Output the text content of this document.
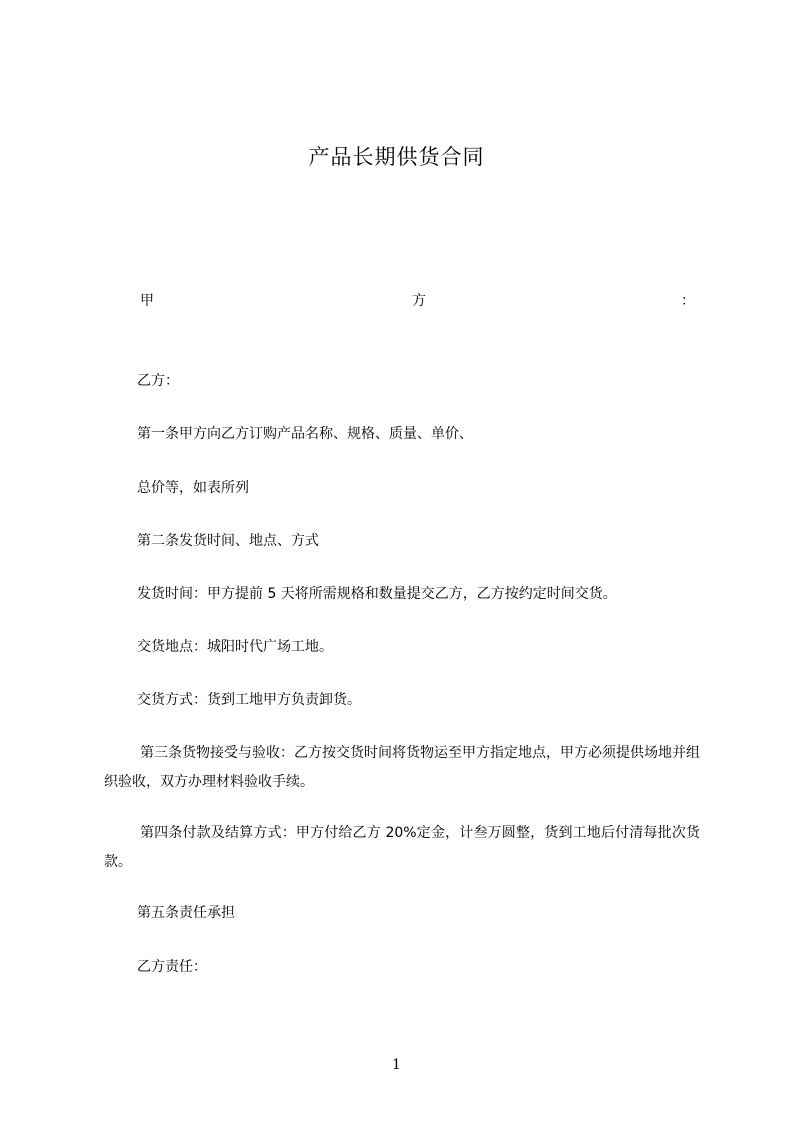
产品长期供货合同
甲	方	：
乙方：
第一条甲方向乙方订购产品名称、规格、质量、单价、
总价等，如表所列
第二条发货时间、地点、方式
发货时间：甲方提前 5 天将所需规格和数量提交乙方，乙方按约定时间交货。
交货地点：城阳时代广场工地。
交货方式：货到工地甲方负责卸货。
第三条货物接受与验收：乙方按交货时间将货物运至甲方指定地点，甲方必须提供场地并组织验收，双方办理材料验收手续。
第四条付款及结算方式：甲方付给乙方 20%定金，计叁万圆整，货到工地后付清每批次货款。
第五条责任承担
乙方责任：
1
